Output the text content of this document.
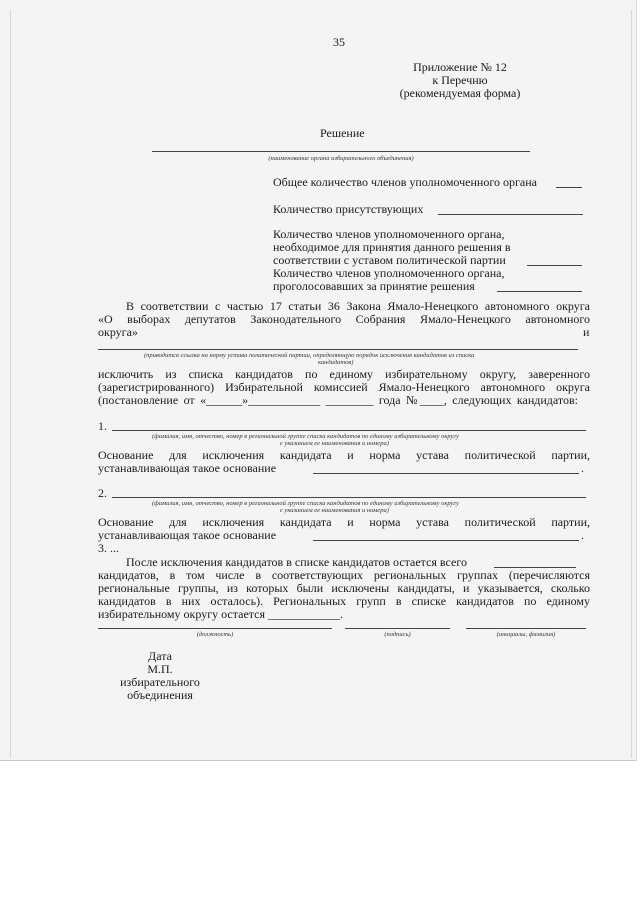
35
Приложение № 12
к Перечню
(рекомендуемая форма)
Решение
(наименование органа избирательного объединения)
Общее количество членов уполномоченного органа
Количество присутствующих
Количество членов уполномоченного органа,
необходимое для принятия данного решения в
соответствии с уставом политической партии
Количество членов уполномоченного органа,
проголосовавших за принятие решения
В соответствии с частью 17 статьи 36 Закона Ямало-Ненецкого автономного округа
«О выборах депутатов Законодательного Собрания Ямало-Ненецкого автономного
округа»	и
(приводится ссылка на норму устава политической партии, определяющую порядок исключения кандидатов из списка
кандидатов)
исключить из списка кандидатов по единому избирательному округу, заверенного
(зарегистрированного) Избирательной комиссией Ямало-Ненецкого автономного округа
(постановление от «______»____________ ________ года №____, следующих кандидатов:
1.
(фамилия, имя, отчество, номер в региональной группе списка кандидатов по единому избирательному округу
с указанием ее наименования и номера)
Основание для исключения кандидата и норма устава политической партии,
устанавливающая такое основание	.
2.
(фамилия, имя, отчество, номер в региональной группе списка кандидатов по единому избирательному округу
с указанием ее наименования и номера)
Основание для исключения кандидата и норма устава политической партии,
устанавливающая такое основание	.
3. ...
После исключения кандидатов в списке кандидатов остается всего
кандидатов, в том числе в соответствующих региональных группах (перечисляются
региональные группы, из которых были исключены кандидаты, и указывается, сколько
кандидатов в них осталось). Региональных групп в списке кандидатов по единому
избирательному округу остается ____________.
(должность)	(подпись)	(инициалы, фамилия)
Дата
М.П.
избирательного
объединения
